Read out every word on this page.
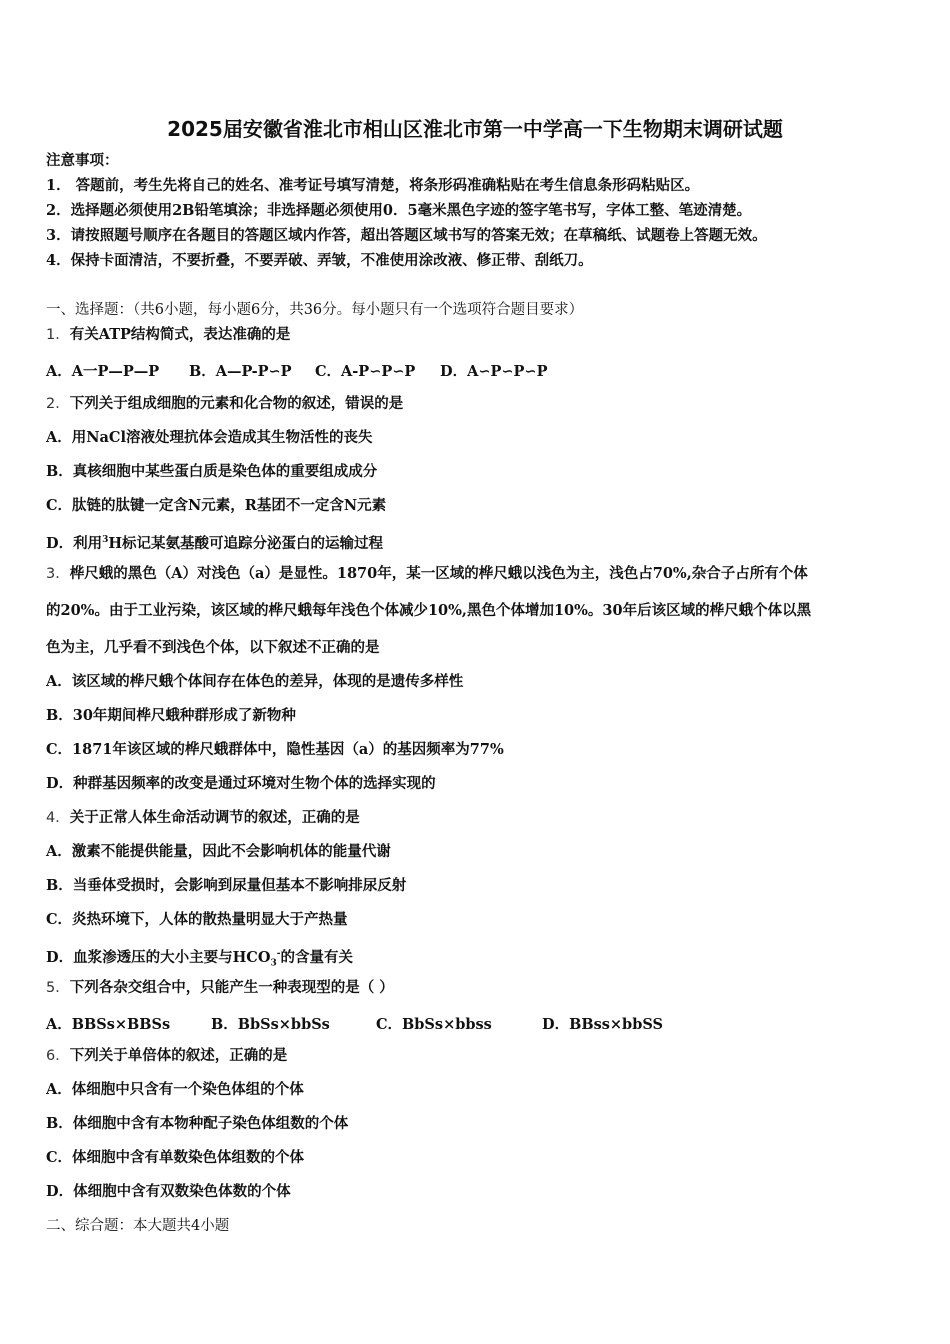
2025届安徽省淮北市相山区淮北市第一中学高一下生物期末调研试题
注意事项：
1． 答题前，考生先将自己的姓名、准考证号填写清楚，将条形码准确粘贴在考生信息条形码粘贴区。
2．选择题必须使用2B铅笔填涂；非选择题必须使用0．5毫米黑色字迹的签字笔书写，字体工整、笔迹清楚。
3．请按照题号顺序在各题目的答题区域内作答，超出答题区域书写的答案无效；在草稿纸、试题卷上答题无效。
4．保持卡面清洁，不要折叠，不要弄破、弄皱，不准使用涂改液、修正带、刮纸刀。
一、选择题：（共6小题，每小题6分，共36分。每小题只有一个选项符合题目要求）
1．有关ATP结构简式，表达准确的是
A．A一P—P—P B．A—P-P∽P C．A-P∽P∽P D．A∽P∽P∽P
2．下列关于组成细胞的元素和化合物的叙述，错误的是
A．用NaCl溶液处理抗体会造成其生物活性的丧失
B．真核细胞中某些蛋白质是染色体的重要组成成分
C．肽链的肽键一定含N元素，R基团不一定含N元素
D．利用$^3$H标记某氨基酸可追踪分泌蛋白的运输过程
3．桦尺蛾的黑色（A）对浅色（a）是显性。1870年，某一区域的桦尺蛾以浅色为主，浅色占70%,杂合子占所有个体
的20%。由于工业污染，该区域的桦尺蛾每年浅色个体减少10%,黑色个体增加10%。30年后该区域的桦尺蛾个体以黑
色为主，几乎看不到浅色个体，以下叙述不正确的是
A．该区域的桦尺蛾个体间存在体色的差异，体现的是遗传多样性
B．30年期间桦尺蛾种群形成了新物种
C．1871年该区域的桦尺蛾群体中，隐性基因（a）的基因频率为77%
D．种群基因频率的改变是通过环境对生物个体的选择实现的
4．关于正常人体生命活动调节的叙述，正确的是
A．激素不能提供能量，因此不会影响机体的能量代谢
B．当垂体受损时，会影响到尿量但基本不影响排尿反射
C．炎热环境下，人体的散热量明显大于产热量
D．血浆渗透压的大小主要与$HCO_3^-$的含量有关
5．下列各杂交组合中，只能产生一种表现型的是（ ）
A．BBSs×BBSs	B．BbSs×bbSs	C．BbSs×bbss	D．BBss×bbSS
6．下列关于单倍体的叙述，正确的是
A．体细胞中只含有一个染色体组的个体
B．体细胞中含有本物种配子染色体组数的个体
C．体细胞中含有单数染色体组数的个体
D．体细胞中含有双数染色体数的个体
二、综合题：本大题共4小题
